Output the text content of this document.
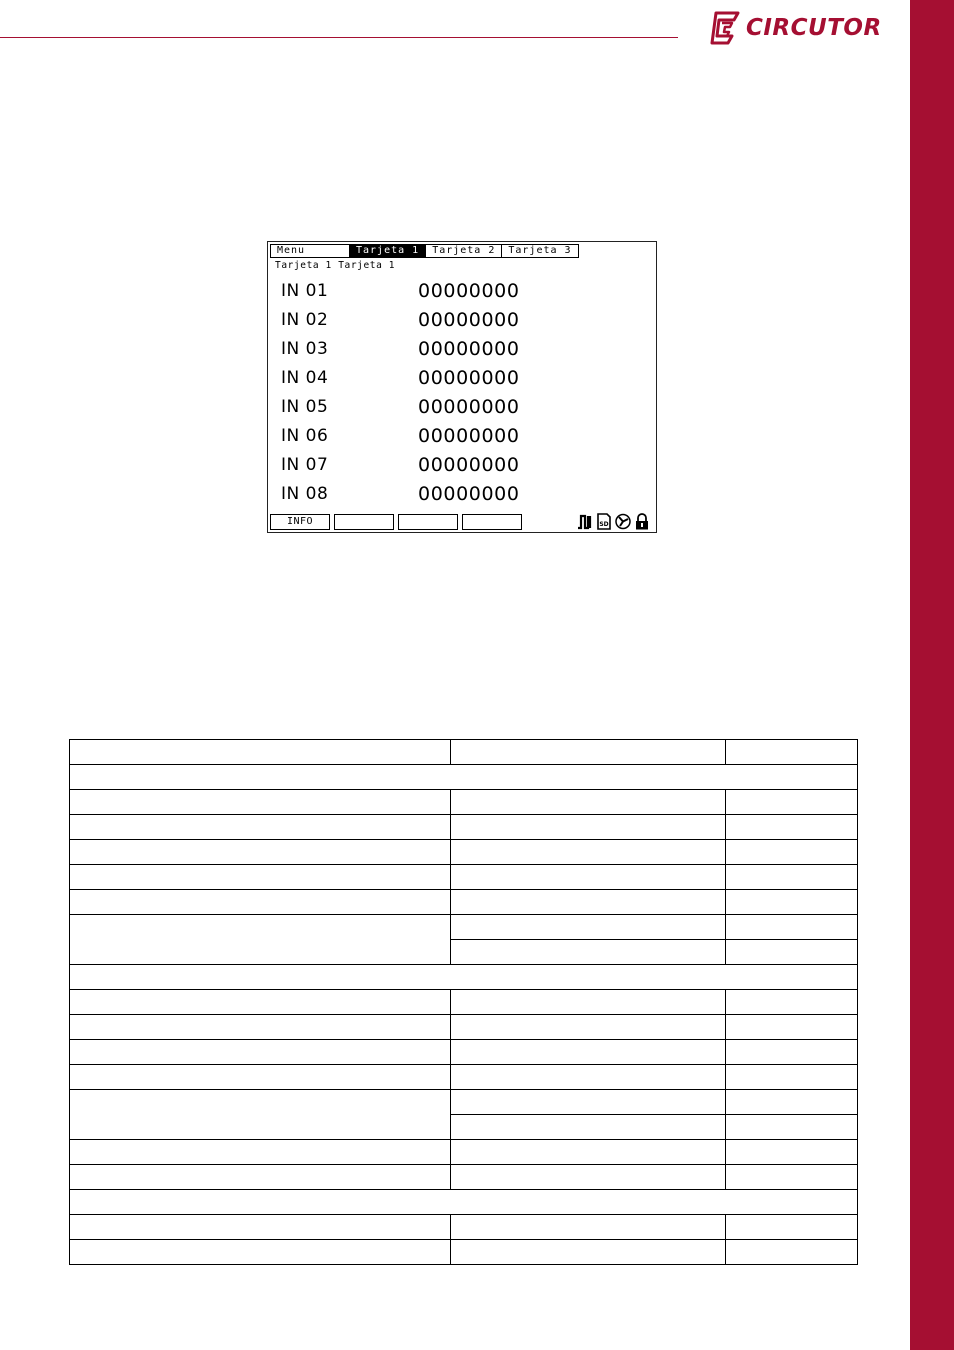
CIRCUTOR
Menu	Tarjeta 1	Tarjeta 2	Tarjeta 3
Tarjeta 1 Tarjeta 1
IN 01	00000000
IN 02	00000000
IN 03	00000000
IN 04	00000000
IN 05	00000000
IN 06	00000000
IN 07	00000000
IN 08	00000000
INFO	SD
